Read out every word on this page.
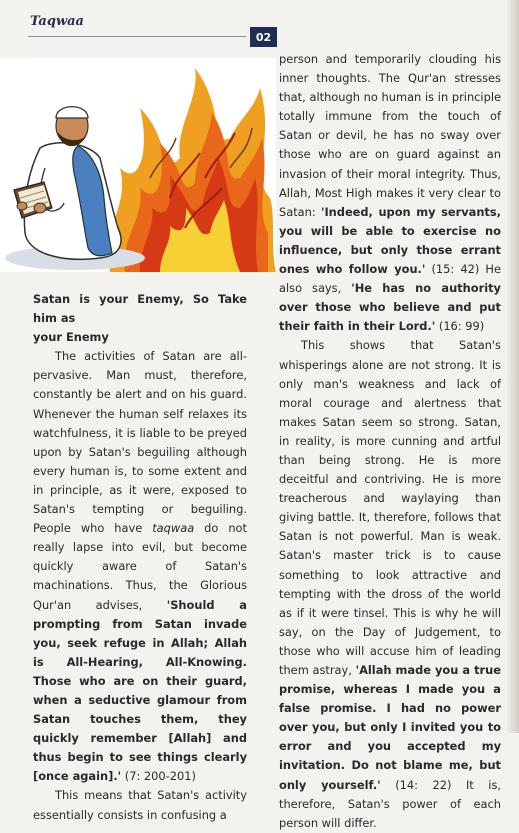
Taqwaa
02

Satan is your Enemy, So Take him as
your Enemy

The activities of Satan are all-pervasive. Man must, therefore, constantly be alert and on his guard. Whenever the human self relaxes its watchfulness, it is liable to be preyed upon by Satan's beguiling although every human is, to some extent and in principle, as it were, exposed to Satan's tempting or beguiling. People who have taqwaa do not really lapse into evil, but become quickly aware of Satan's machinations. Thus, the Glorious Qur'an advises, 'Should a prompting from Satan invade you, seek refuge in Allah; Allah is All-Hearing, All-Knowing. Those who are on their guard, when a seductive glamour from Satan touches them, they quickly remember [Allah] and thus begin to see things clearly [once again].' (7: 200-201)

This means that Satan's activity essentially consists in confusing a

person and temporarily clouding his inner thoughts. The Qur'an stresses that, although no human is in principle totally immune from the touch of Satan or devil, he has no sway over those who are on guard against an invasion of their moral integrity. Thus, Allah, Most High makes it very clear to Satan: 'Indeed, upon my servants, you will be able to exercise no influence, but only those errant ones who follow you.' (15: 42) He also says, 'He has no authority over those who believe and put their faith in their Lord.' (16: 99)

This shows that Satan's whisperings alone are not strong. It is only man's weakness and lack of moral courage and alertness that makes Satan seem so strong. Satan, in reality, is more cunning and artful than being strong. He is more deceitful and contriving. He is more treacherous and waylaying than giving battle. It, therefore, follows that Satan is not powerful. Man is weak. Satan's master trick is to cause something to look attractive and tempting with the dross of the world as if it were tinsel. This is why he will say, on the Day of Judgement, to those who will accuse him of leading them astray, 'Allah made you a true promise, whereas I made you a false promise. I had no power over you, but only I invited you to error and you accepted my invitation. Do not blame me, but only yourself.' (14: 22) It is, therefore, Satan's power of each person will differ.
